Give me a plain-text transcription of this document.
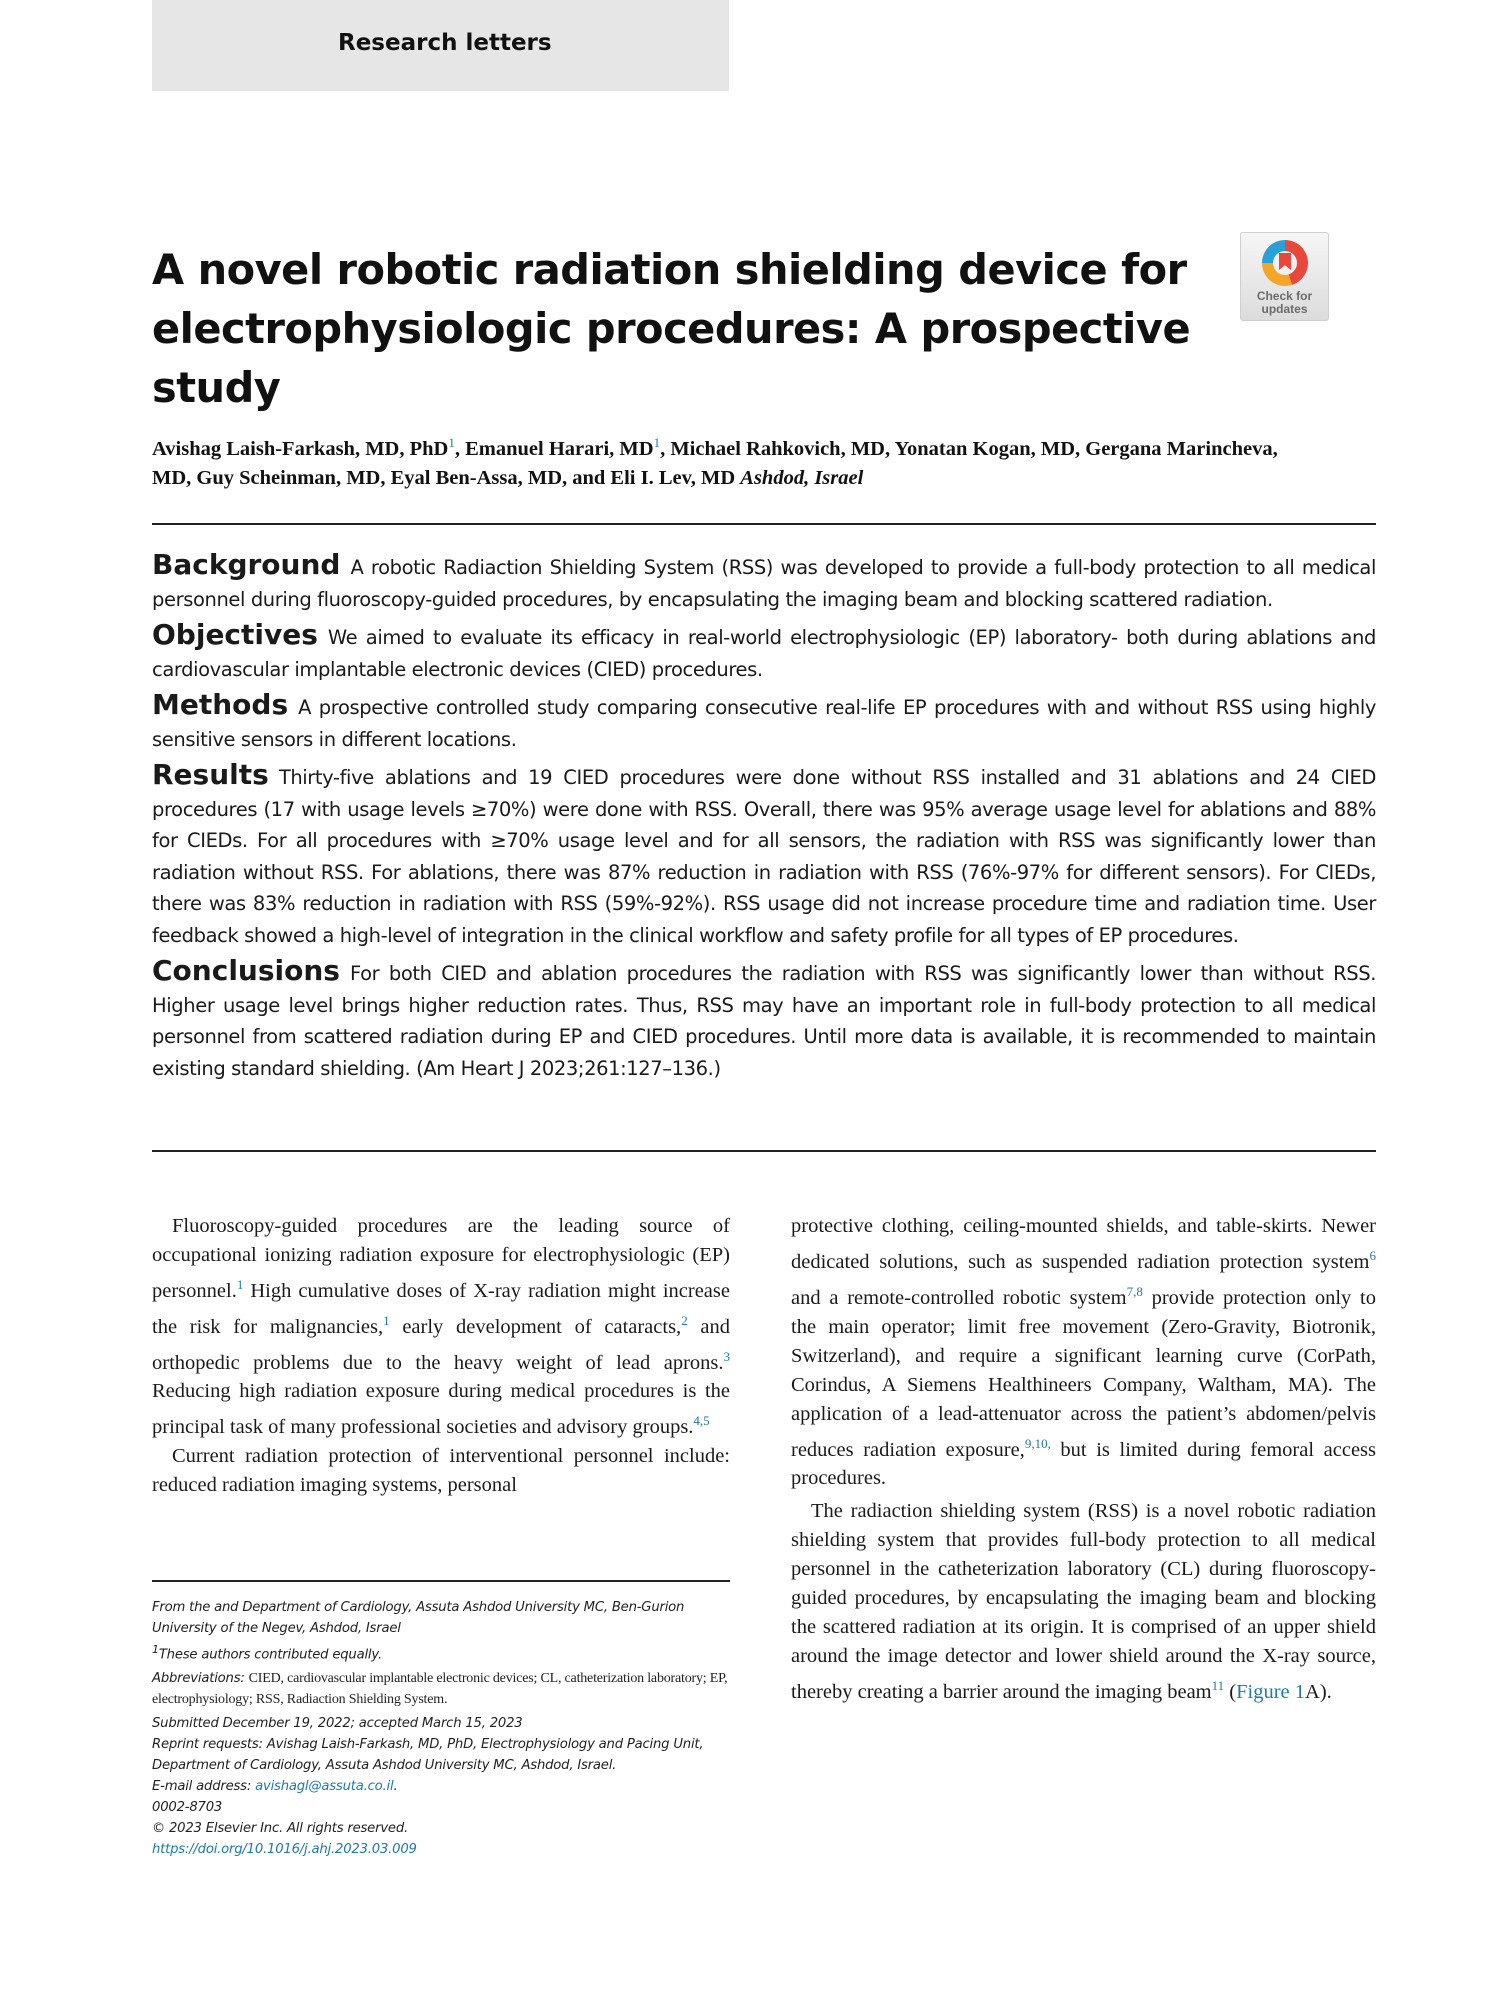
Research letters
A novel robotic radiation shielding device for electrophysiologic procedures: A prospective study
Check for
updates
Avishag Laish-Farkash, MD, PhD$^1$, Emanuel Harari, $MD^1$, Michael Rahkovich, MD, Yonatan Kogan, MD, Gergana Marincheva, MD, Guy Scheinman, MD, Eyal Ben-Assa, MD, and Eli I. Lev, MD Ashdod, Israel

Background A robotic Radiaction Shielding System (RSS) was developed to provide a full-body protection to all medical personnel during fluoroscopy-guided procedures, by encapsulating the imaging beam and blocking scattered radiation.

Objectives We aimed to evaluate its efficacy in real-world electrophysiologic (EP) laboratory- both during ablations and cardiovascular implantable electronic devices (CIED) procedures.

Methods A prospective controlled study comparing consecutive real-life EP procedures with and without RSS using highly sensitive sensors in different locations.

Results Thirty-five ablations and 19 CIED procedures were done without RSS installed and 31 ablations and 24 CIED procedures (17 with usage levels ≥70%) were done with RSS. Overall, there was 95% average usage level for ablations and 88% for CIEDs. For all procedures with ≥70% usage level and for all sensors, the radiation with RSS was significantly lower than radiation without RSS. For ablations, there was 87% reduction in radiation with RSS (76%-97% for different sensors). For CIEDs, there was 83% reduction in radiation with RSS (59%-92%). RSS usage did not increase procedure time and radiation time. User feedback showed a high-level of integration in the clinical workflow and safety profile for all types of EP procedures.

Conclusions For both CIED and ablation procedures the radiation with RSS was significantly lower than without RSS. Higher usage level brings higher reduction rates. Thus, RSS may have an important role in full-body protection to all medical personnel from scattered radiation during EP and CIED procedures. Until more data is available, it is recommended to maintain existing standard shielding. (Am Heart J 2023;261:127–136.)

Fluoroscopy-guided procedures are the leading source of occupational ionizing radiation exposure for electrophysiologic (EP) personnel.$^1$ High cumulative doses of X-ray radiation might increase the risk for malignancies,$^1$ early development of cataracts,$^2$ and orthopedic problems due to the heavy weight of lead aprons.$^3$ Reducing high radiation exposure during medical procedures is the principal task of many professional societies and advisory groups.$^{4,5}$

Current radiation protection of interventional personnel include: reduced radiation imaging systems, personal

From the and Department of Cardiology, Assuta Ashdod University MC, Ben-Gurion University of the Negev, Ashdod, Israel
$^1$These authors contributed equally.
Abbreviations: CIED, cardiovascular implantable electronic devices; CL, catheterization laboratory; EP, electrophysiology; RSS, Radiaction Shielding System.
Submitted December 19, 2022; accepted March 15, 2023
Reprint requests: Avishag Laish-Farkash, MD, PhD, Electrophysiology and Pacing Unit, Department of Cardiology, Assuta Ashdod University MC, Ashdod, Israel.
E-mail address: avishagl@assuta.co.il.
0002-8703
© 2023 Elsevier Inc. All rights reserved.
https://doi.org/10.1016/j.ahj.2023.03.009

protective clothing, ceiling-mounted shields, and table-skirts. Newer dedicated solutions, such as suspended radiation protection system$^6$ and a remote-controlled robotic system$^{7,8}$ provide protection only to the main operator; limit free movement (Zero-Gravity, Biotronik, Switzerland), and require a significant learning curve (CorPath, Corindus, A Siemens Healthineers Company, Waltham, MA). The application of a lead-attenuator across the patient’s abdomen/pelvis reduces radiation exposure,$^{9,10,}$ but is limited during femoral access procedures.

The radiaction shielding system (RSS) is a novel robotic radiation shielding system that provides full-body protection to all medical personnel in the catheterization laboratory (CL) during fluoroscopy-guided procedures, by encapsulating the imaging beam and blocking the scattered radiation at its origin. It is comprised of an upper shield around the image detector and lower shield around the X-ray source, thereby creating a barrier around the imaging beam$^{11}$ (Figure 1A).
